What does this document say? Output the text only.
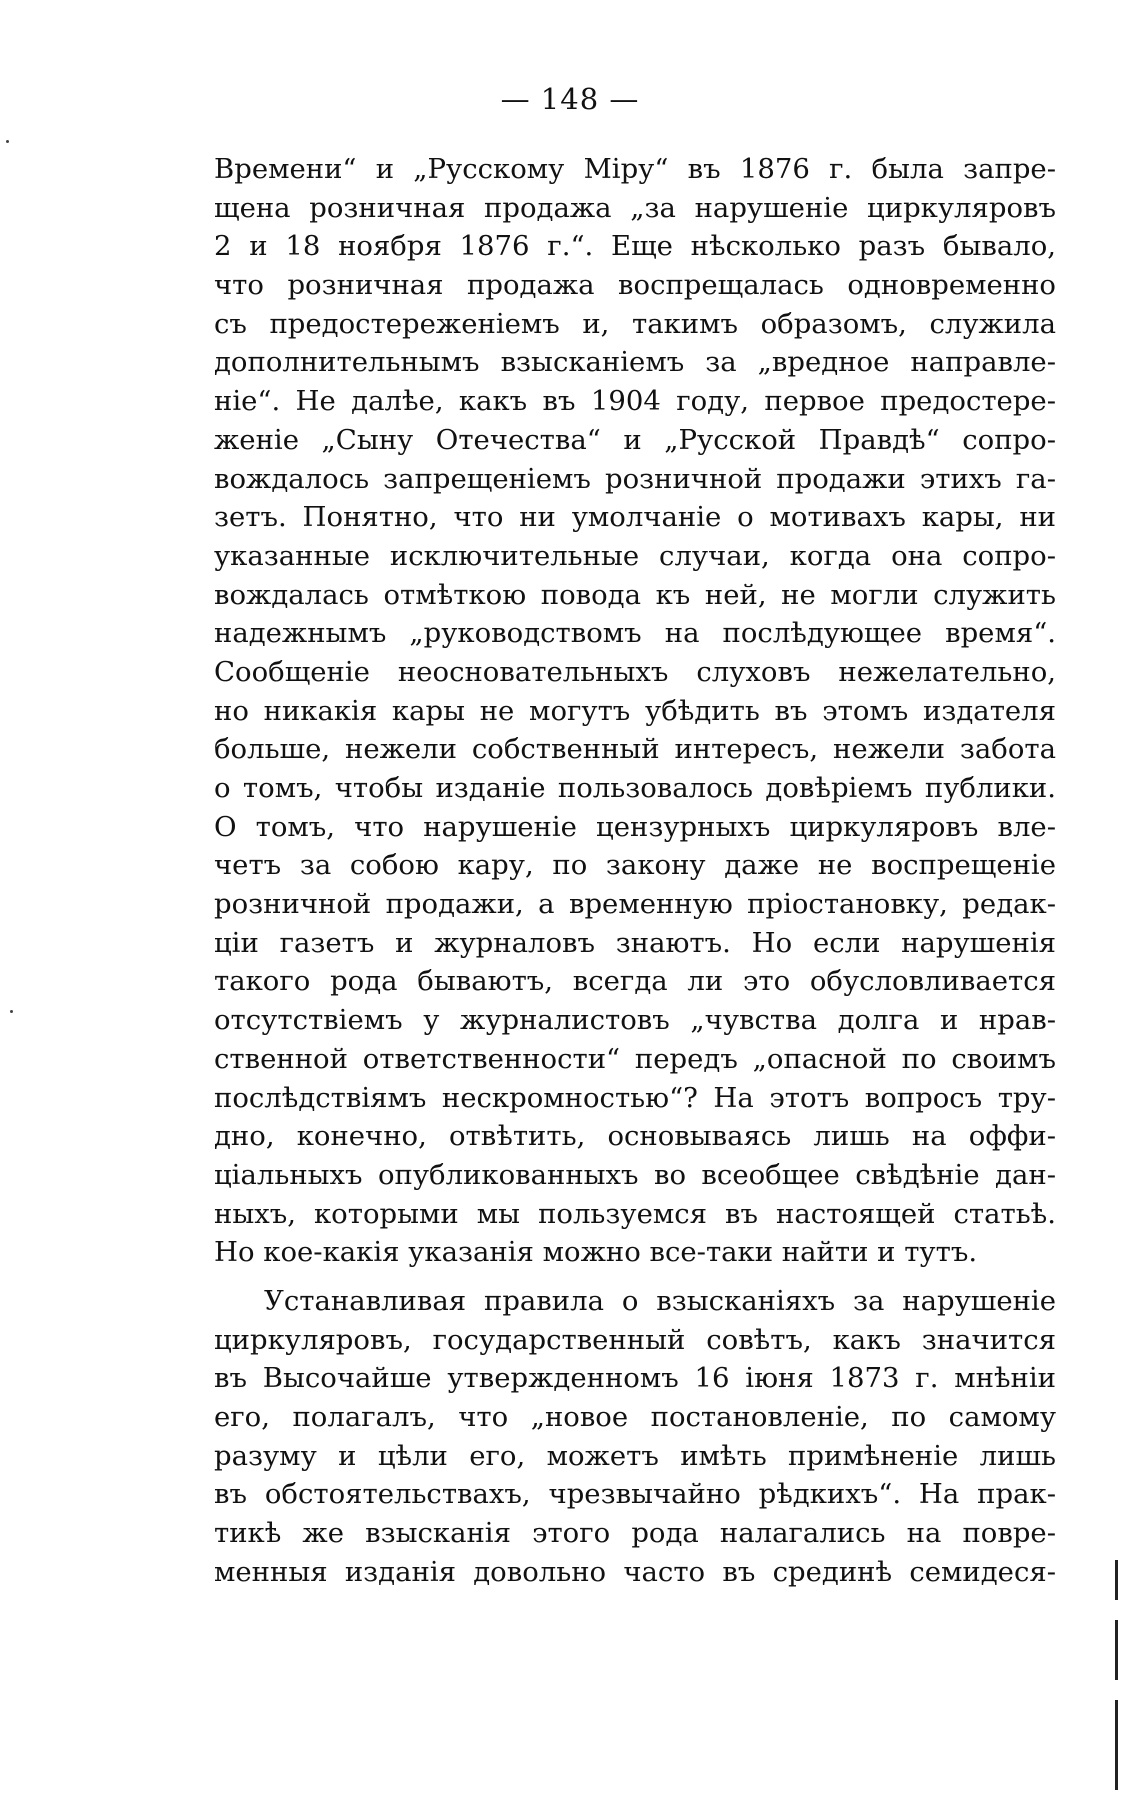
— 148 —
Времени“ и „Русскому Міру“ въ 1876 г. была запре-
щена розничная продажа „за нарушеніе циркуляровъ
2 и 18 ноября 1876 г.“. Еще нѣсколько разъ бывало,
что розничная продажа воспрещалась одновременно
съ предостереженіемъ и, такимъ образомъ, служила
дополнительнымъ взысканіемъ за „вредное направле-
ніе“. Не далѣе, какъ въ 1904 году, первое предостере-
женіе „Сыну Отечества“ и „Русской Правдѣ“ сопро-
вождалось запрещеніемъ розничной продажи этихъ га-
зетъ. Понятно, что ни умолчаніе о мотивахъ кары, ни
указанные исключительные случаи, когда она сопро-
вождалась отмѣткою повода къ ней, не могли служить
надежнымъ „руководствомъ на послѣдующее время“.
Сообщеніе неосновательныхъ слуховъ нежелательно,
но никакія кары не могутъ убѣдить въ этомъ издателя
больше, нежели собственный интересъ, нежели забота
о томъ, чтобы изданіе пользовалось довѣріемъ публики.
О томъ, что нарушеніе цензурныхъ циркуляровъ вле-
четъ за собою кару, по закону даже не воспрещеніе
розничной продажи, а временную пріостановку, редак-
ціи газетъ и журналовъ знаютъ. Но если нарушенія
такого рода бываютъ, всегда ли это обусловливается
отсутствіемъ у журналистовъ „чувства долга и нрав-
ственной ответственности“ передъ „опасной по своимъ
послѣдствіямъ нескромностью“? На этотъ вопросъ тру-
дно, конечно, отвѣтить, основываясь лишь на оффи-
ціальныхъ опубликованныхъ во всеобщее свѣдѣніе дан-
ныхъ, которыми мы пользуемся въ настоящей статьѣ.
Но кое-какія указанія можно все-таки найти и тутъ.
Устанавливая правила о взысканіяхъ за нарушеніе
циркуляровъ, государственный совѣтъ, какъ значится
въ Высочайше утвержденномъ 16 іюня 1873 г. мнѣніи
его, полагалъ, что „новое постановленіе, по самому
разуму и цѣли его, можетъ имѣть примѣненіе лишь
въ обстоятельствахъ, чрезвычайно рѣдкихъ“. На прак-
тикѣ же взысканія этого рода налагались на повре-
менныя изданія довольно часто въ срединѣ семидеся-
